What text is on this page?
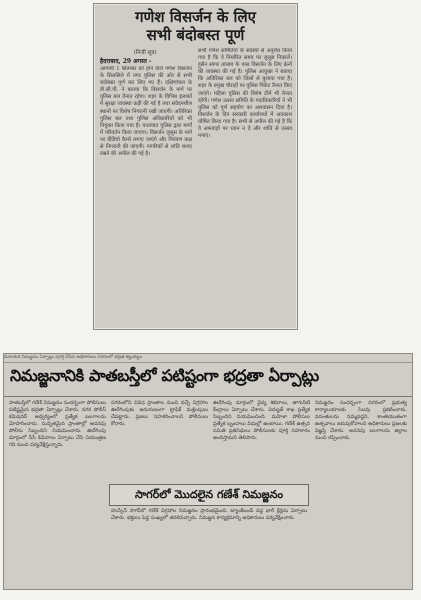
गणेश विसर्जन के लिए
सभी बंदोबस्त पूर्ण
(निजी सूत्र)
हैदराबाद, 29 अगस्त -
आगामी 1 सितम्बर को होने वाले गणेश विसर्जन के सिलसिले में नगर पुलिस की ओर से सभी बंदोबस्त पूर्ण कर लिए गए हैं। दक्षिणांचल के डी.सी.पी. ने बताया कि विसर्जन के मार्ग पर पुलिस बल तैनात रहेगा। शहर के विभिन्न इलाकों में सुरक्षा व्यवस्था कड़ी की गई है तथा संवेदनशील स्थानों पर विशेष निगरानी रखी जाएगी। अतिरिक्त पुलिस बल तथा पुलिस अधिकारियों को भी नियुक्त किया गया है। यातायात पुलिस द्वारा मार्गों में परिवर्तन किया जाएगा। विसर्जन जुलूस के मार्ग पर वीडियो कैमरे लगाए जाएंगे और नियंत्रण कक्ष से निगरानी की जाएगी। नागरिकों से शांति बनाए रखने की अपील की गई है।
सभी गणेश समितियों के सदस्यों से अनुरोध किया गया है कि वे निर्धारित समय पर जुलूस निकालें। हुसैन सागर तालाब के पास विसर्जन के लिए क्रेनों की व्यवस्था की गई है। पुलिस आयुक्त ने बताया कि अतिरिक्त बल को जिलों से बुलाया गया है। शहर के प्रमुख चौराहों पर पुलिस पिकेट तैनात किए जाएंगे। महिला पुलिस की विशेष टीमें भी तैनात रहेंगी। गणेश उत्सव समिति के पदाधिकारियों ने भी पुलिस को पूर्ण सहयोग का आश्वासन दिया है। विसर्जन के दिन सरकारी कार्यालयों में अवकाश घोषित किया गया है। सभी से अपील की गई है कि वे अफवाहों पर ध्यान न दें और शांति से उत्सव मनाएं।
వినాయక నిమజ్జనం ఏర్పాట్లు పూర్తి చేసిన అధికారులు నగరంలో భద్రత కట్టుదిట్టం
నిమజ్జనానికి పాతబస్తీలో పటిష్టంగా భద్రతా ఏర్పాట్లు
పాతబస్తీలో గణేశ్ నిమజ్జనం సందర్భంగా పోలీసులు పటిష్టమైన భద్రతా ఏర్పాట్లు చేశారు. నగర పోలీస్ కమిషనర్ ఆధ్వర్యంలో ప్రత్యేక బలగాలను మోహరించారు. సున్నితమైన ప్రాంతాల్లో అదనపు పోలీసు సిబ్బందిని నియమించారు. ఊరేగింపు మార్గంలో సీసీ కెమెరాలు ఏర్పాటు చేసి నియంత్రణ గది నుంచి పర్యవేక్షిస్తున్నారు.
నగరంలోని వివిధ ప్రాంతాల నుంచి వచ్చే విగ్రహాల ఊరేగింపుకు అనుగుణంగా ట్రాఫిక్ మళ్లింపులు చేపట్టారు. ప్రజలు సహకరించాలని పోలీసులు కోరారు.
సాగర్‌లో మొదలైన గణేశ్ నిమజ్జనం
హుస్సేన్ సాగర్‌లో గణేశ్ విగ్రహాల నిమజ్జనం ప్రారంభమైంది. ట్యాంక్‌బండ్ వద్ద భారీ క్రేన్లను ఏర్పాటు చేశారు. భక్తులు పెద్ద సంఖ్యలో తరలివచ్చారు. నిమజ్జన కార్యక్రమాన్ని అధికారులు పర్యవేక్షించారు.
ఊరేగింపు మార్గంలో వైద్య శిబిరాలు, తాగునీటి కేంద్రాలు ఏర్పాటు చేశారు. విద్యుత్ శాఖ ప్రత్యేక సిబ్బందిని నియమించింది. మహిళా పోలీసుల ప్రత్యేక బృందాలు విధుల్లో ఉంటాయి. గణేశ్ ఉత్సవ సమితి ప్రతినిధులు పోలీసులకు పూర్తి సహకారం అందిస్తామని తెలిపారు.
నిమజ్జనం సందర్భంగా నగరంలో ప్రభుత్వ కార్యాలయాలకు సెలవు ప్రకటించారు. వదంతులను నమ్మవద్దని, శాంతియుతంగా ఉత్సవాలు జరుపుకోవాలని అధికారులు ప్రజలకు విజ్ఞప్తి చేశారు. అదనపు బలగాలను జిల్లాల నుంచి రప్పించారు.
